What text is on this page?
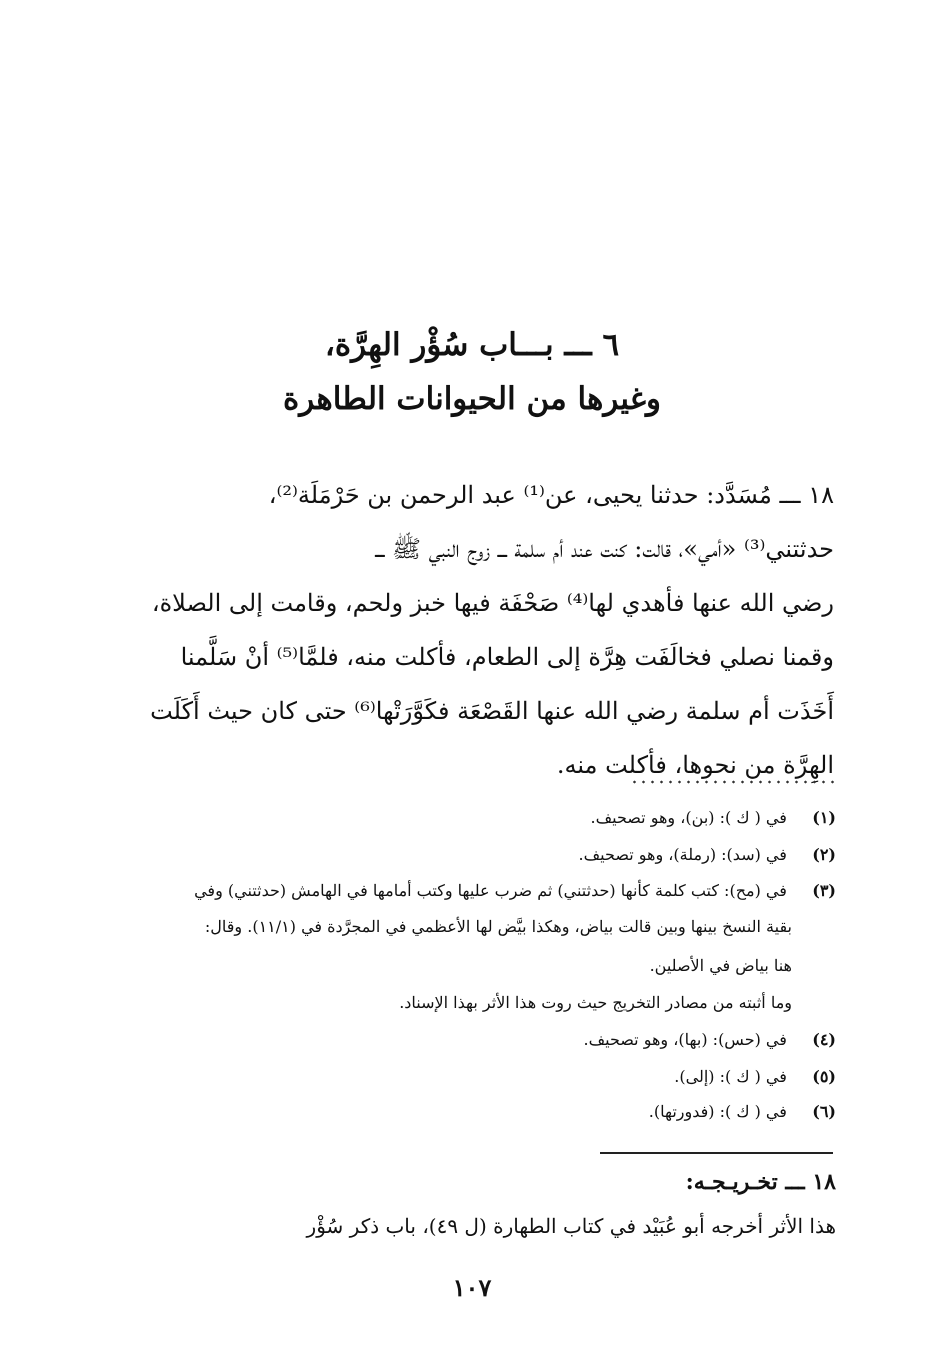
٦ ـــ بـــاب سُؤْر الهِرَّة،
وغيرها من الحيوانات الطاهرة
١٨ ـــ مُسَدَّد: حدثنا يحيى، عن⁽¹⁾ عبد الرحمن بن حَرْمَلَة⁽²⁾،
حدثتني⁽³⁾ «أمي»، قالت: كنت عند أم سلمة ـــ زوج النبي ﷺ ـــ
رضي الله عنها فأهدي لها⁽⁴⁾ صَحْفَة فيها خبز ولحم، وقامت إلى الصلاة،
وقمنا نصلي فخالَفَت هِرَّة إلى الطعام، فأكلت منه، فلمَّا⁽⁵⁾ أنْ سَلَّمنا
أَخَذَت أم سلمة رضي الله عنها القَصْعَة فكَوَّرَتْها⁽⁶⁾ حتى كان حيث أَكَلَت
الهِرَّة من نحوها، فأكلت منه.
(١) في ( ك ): (بن)، وهو تصحيف.
(٢) في (سد): (رملة)، وهو تصحيف.
(٣) في (مح): كتب كلمة كأنها (حدثتني) ثم ضرب عليها وكتب أمامها في الهامش (حدثتني) وفي
بقية النسخ بينها وبين قالت بياض، وهكذا بيَّض لها الأعظمي في المجرَّدة في (١١/١). وقال:
هنا بياض في الأصلين.
وما أثبته من مصادر التخريج حيث روت هذا الأثر بهذا الإسناد.
(٤) في (حس): (بها)، وهو تصحيف.
(٥) في ( ك ): (إلى).
(٦) في ( ك ): (فدورتها).
١٨ ـــ تخـريـجـه:
هذا الأثر أخرجه أبو عُبَيْد في كتاب الطهارة (ل ٤٩)، باب ذكر سُؤْر
١٠٧
